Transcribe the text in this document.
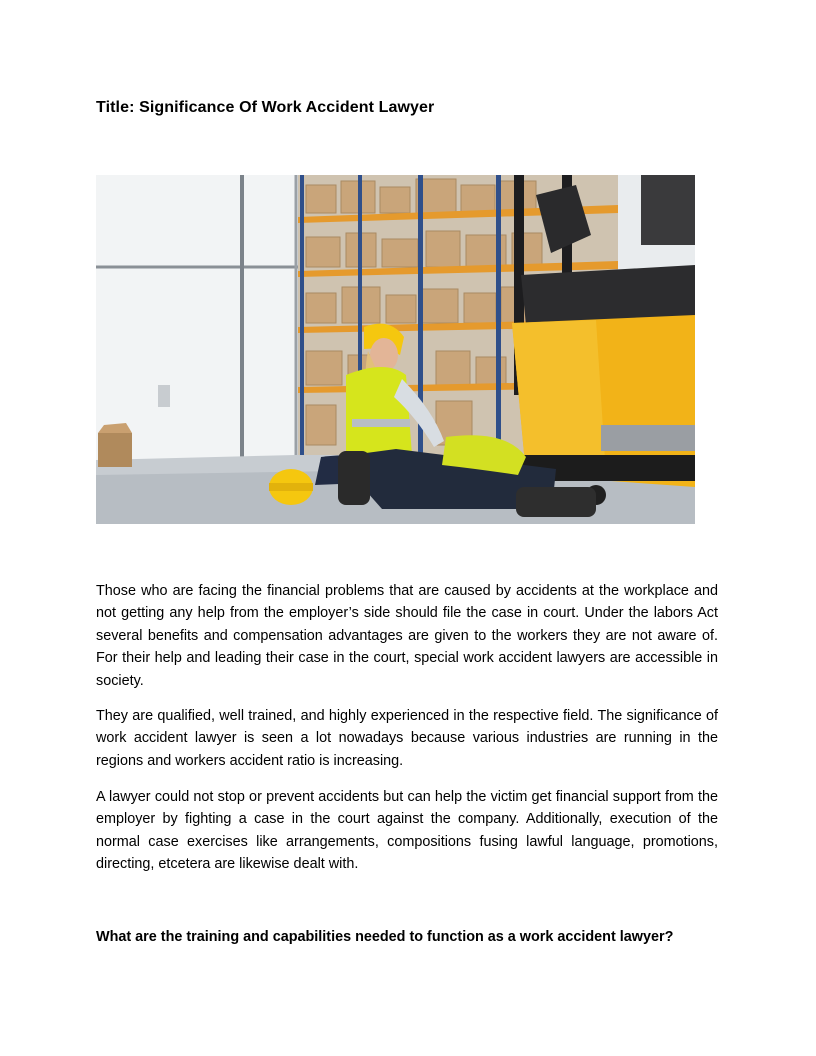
Title: Significance Of Work Accident Lawyer

Those who are facing the financial problems that are caused by accidents at the workplace and not getting any help from the employer’s side should file the case in court. Under the labors Act several benefits and compensation advantages are given to the workers they are not aware of. For their help and leading their case in the court, special work accident lawyers are accessible in society.

They are qualified, well trained, and highly experienced in the respective field. The significance of work accident lawyer is seen a lot nowadays because various industries are running in the regions and workers accident ratio is increasing.

A lawyer could not stop or prevent accidents but can help the victim get financial support from the employer by fighting a case in the court against the company. Additionally, execution of the normal case exercises like arrangements, compositions fusing lawful language, promotions, directing, etcetera are likewise dealt with.

What are the training and capabilities needed to function as a work accident lawyer?
